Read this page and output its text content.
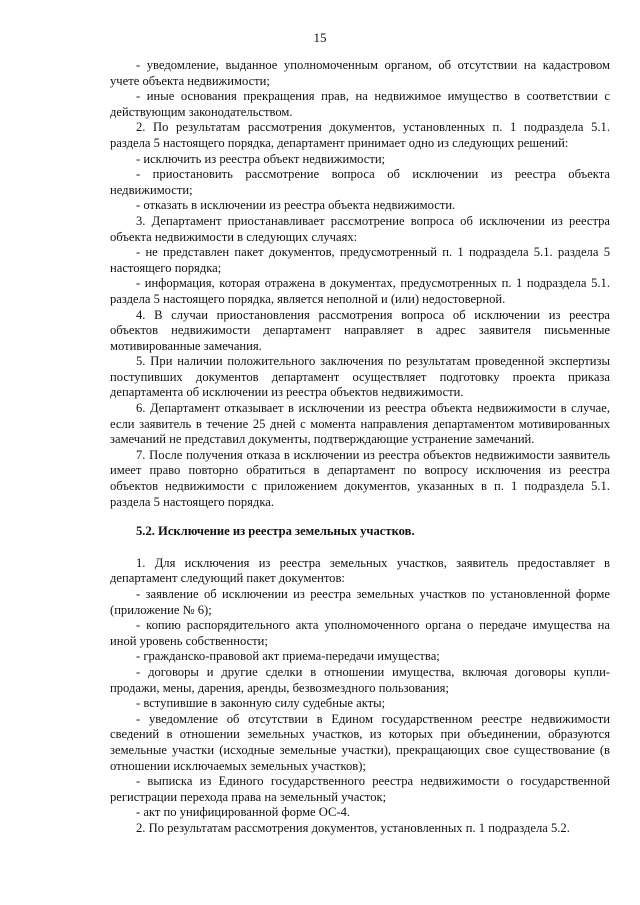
15

- уведомление, выданное уполномоченным органом, об отсутствии на кадастровом учете объекта недвижимости;

- иные основания прекращения прав, на недвижимое имущество в соответствии с действующим законодательством.

2. По результатам рассмотрения документов, установленных п. 1 подраздела 5.1. раздела 5 настоящего порядка, департамент принимает одно из следующих решений:

- исключить из реестра объект недвижимости;

- приостановить рассмотрение вопроса об исключении из реестра объекта недвижимости;

- отказать в исключении из реестра объекта недвижимости.

3. Департамент приостанавливает рассмотрение вопроса об исключении из реестра объекта недвижимости в следующих случаях:

- не представлен пакет документов, предусмотренный п. 1 подраздела 5.1. раздела 5 настоящего порядка;

- информация, которая отражена в документах, предусмотренных п. 1 подраздела 5.1. раздела 5 настоящего порядка, является неполной и (или) недостоверной.

4. В случаи приостановления рассмотрения вопроса об исключении из реестра объектов недвижимости департамент направляет в адрес заявителя письменные мотивированные замечания.

5. При наличии положительного заключения по результатам проведенной экспертизы поступивших документов департамент осуществляет подготовку проекта приказа департамента об исключении из реестра объектов недвижимости.

6. Департамент отказывает в исключении из реестра объекта недвижимости в случае, если заявитель в течение 25 дней с момента направления департаментом мотивированных замечаний не представил документы, подтверждающие устранение замечаний.

7. После получения отказа в исключении из реестра объектов недвижимости заявитель имеет право повторно обратиться в департамент по вопросу исключения из реестра объектов недвижимости с приложением документов, указанных в п. 1 подраздела 5.1. раздела 5 настоящего порядка.

5.2. Исключение из реестра земельных участков.

1. Для исключения из реестра земельных участков, заявитель предоставляет в департамент следующий пакет документов:

- заявление об исключении из реестра земельных участков по установленной форме (приложение № 6);

- копию распорядительного акта уполномоченного органа о передаче имущества на иной уровень собственности;

- гражданско-правовой акт приема-передачи имущества;

- договоры и другие сделки в отношении имущества, включая договоры купли-продажи, мены, дарения, аренды, безвозмездного пользования;

- вступившие в законную силу судебные акты;

- уведомление об отсутствии в Едином государственном реестре недвижимости сведений в отношении земельных участков, из которых при объединении, образуются земельные участки (исходные земельные участки), прекращающих свое существование (в отношении исключаемых земельных участков);

- выписка из Единого государственного реестра недвижимости о государственной регистрации перехода права на земельный участок;

- акт по унифицированной форме ОС-4.

2. По результатам рассмотрения документов, установленных п. 1 подраздела 5.2.
